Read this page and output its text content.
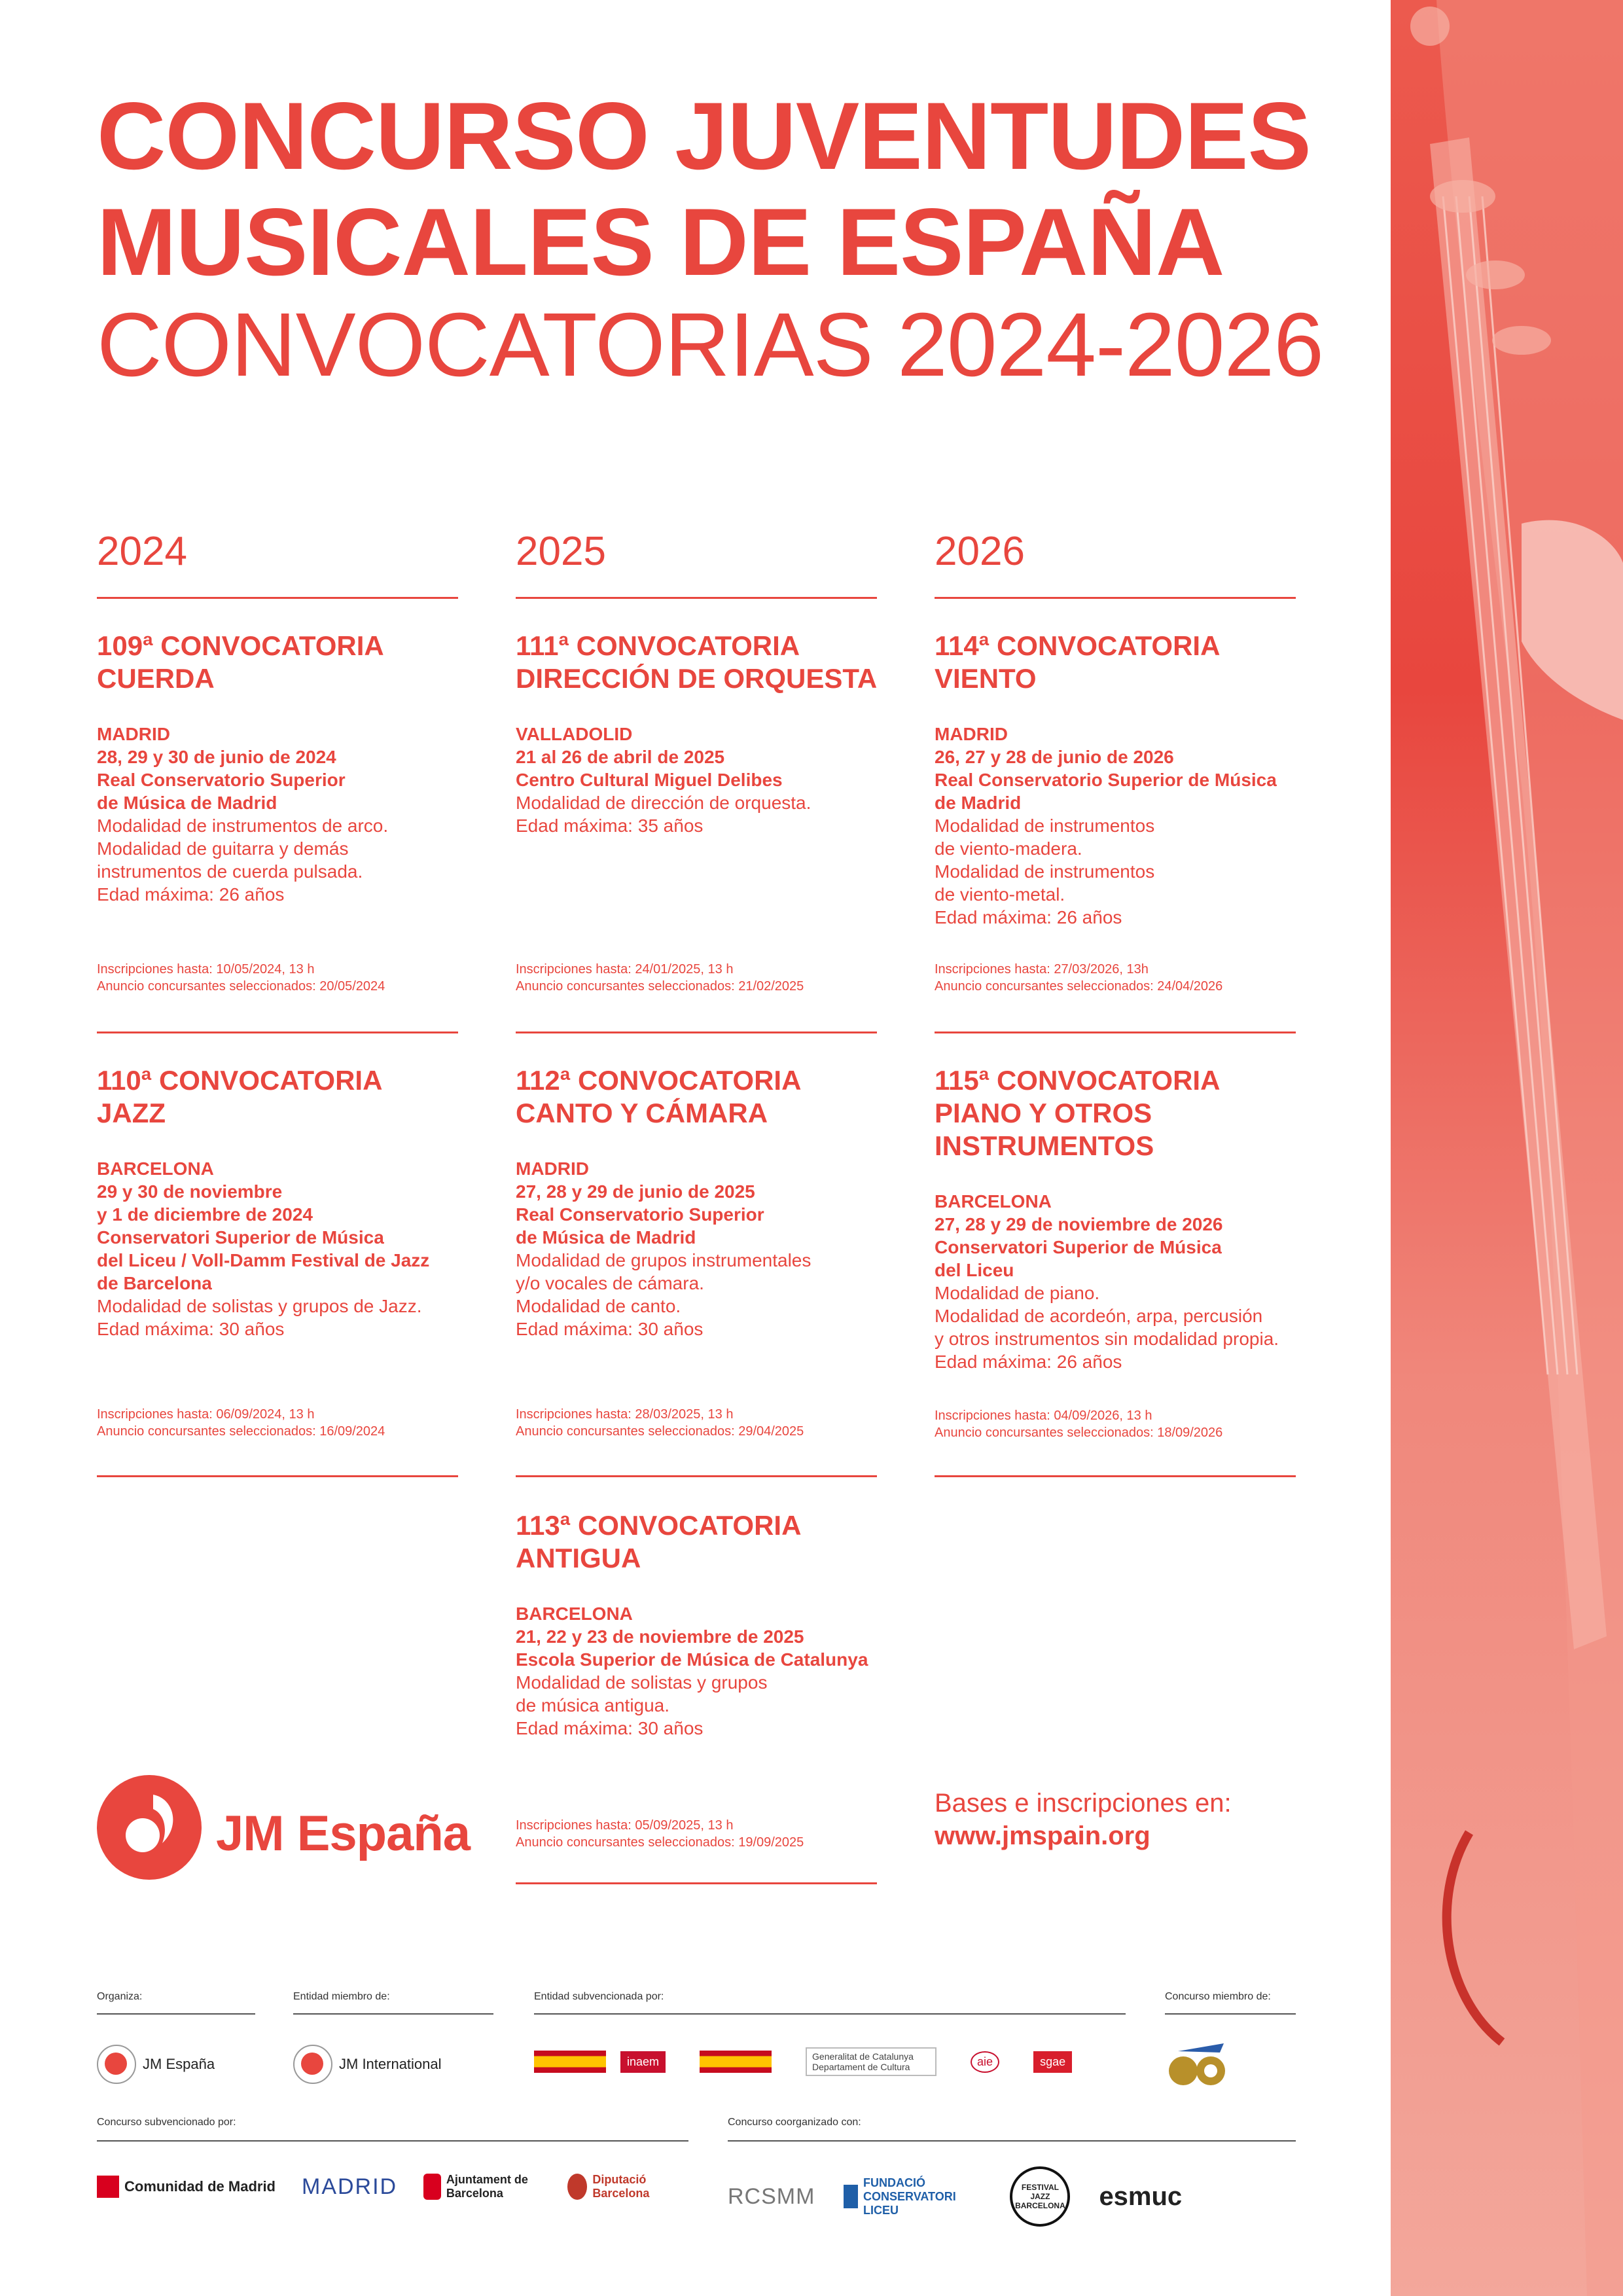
CONCURSO JUVENTUDES
MUSICALES DE ESPAÑA
CONVOCATORIAS 2024-2026
2024	2025	2026
109ª CONVOCATORIA
CUERDA
MADRID
28, 29 y 30 de junio de 2024
Real Conservatorio Superior
de Música de Madrid
Modalidad de instrumentos de arco.
Modalidad de guitarra y demás
instrumentos de cuerda pulsada.
Edad máxima: 26 años
111ª CONVOCATORIA
DIRECCIÓN DE ORQUESTA
VALLADOLID
21 al 26 de abril de 2025
Centro Cultural Miguel Delibes
Modalidad de dirección de orquesta.
Edad máxima: 35 años
114ª CONVOCATORIA
VIENTO
MADRID
26, 27 y 28 de junio de 2026
Real Conservatorio Superior de Música
de Madrid
Modalidad de instrumentos
de viento-madera.
Modalidad de instrumentos
de viento-metal.
Edad máxima: 26 años
Inscripciones hasta: 10/05/2024, 13 h
Anuncio concursantes seleccionados: 20/05/2024
Inscripciones hasta: 24/01/2025, 13 h
Anuncio concursantes seleccionados: 21/02/2025
Inscripciones hasta: 27/03/2026, 13h
Anuncio concursantes seleccionados: 24/04/2026
110ª CONVOCATORIA
JAZZ
BARCELONA
29 y 30 de noviembre
y 1 de diciembre de 2024
Conservatori Superior de Música
del Liceu / Voll-Damm Festival de Jazz
de Barcelona
Modalidad de solistas y grupos de Jazz.
Edad máxima: 30 años
112ª CONVOCATORIA
CANTO Y CÁMARA
MADRID
27, 28 y 29 de junio de 2025
Real Conservatorio Superior
de Música de Madrid
Modalidad de grupos instrumentales
y/o vocales de cámara.
Modalidad de canto.
Edad máxima: 30 años
115ª CONVOCATORIA
PIANO Y OTROS
INSTRUMENTOS
BARCELONA
27, 28 y 29 de noviembre de 2026
Conservatori Superior de Música
del Liceu
Modalidad de piano.
Modalidad de acordeón, arpa, percusión
y otros instrumentos sin modalidad propia.
Edad máxima: 26 años
Inscripciones hasta: 06/09/2024, 13 h
Anuncio concursantes seleccionados: 16/09/2024
Inscripciones hasta: 28/03/2025, 13 h
Anuncio concursantes seleccionados: 29/04/2025
Inscripciones hasta: 04/09/2026, 13 h
Anuncio concursantes seleccionados: 18/09/2026
113ª CONVOCATORIA
ANTIGUA
BARCELONA
21, 22 y 23 de noviembre de 2025
Escola Superior de Música de Catalunya
Modalidad de solistas y grupos
de música antigua.
Edad máxima: 30 años
Inscripciones hasta: 05/09/2025, 13 h
Anuncio concursantes seleccionados: 19/09/2025
JM España
Bases e inscripciones en:
www.jmspain.org
Organiza:
JM España
Entidad miembro de:
JM International
Entidad subvencionada por:
inaem	Generalitat de Catalunya Departament de Cultura	aie	sgae
Concurso miembro de:
Concurso subvencionado por:
Comunidad de Madrid MADRID	Ajuntament de Barcelona
Diputació Barcelona
Concurso coorganizado con:
RCSMM
FUNDACIÓ CONSERVATORI LICEU
FESTIVAL JAZZ BARCELONA esmuc
